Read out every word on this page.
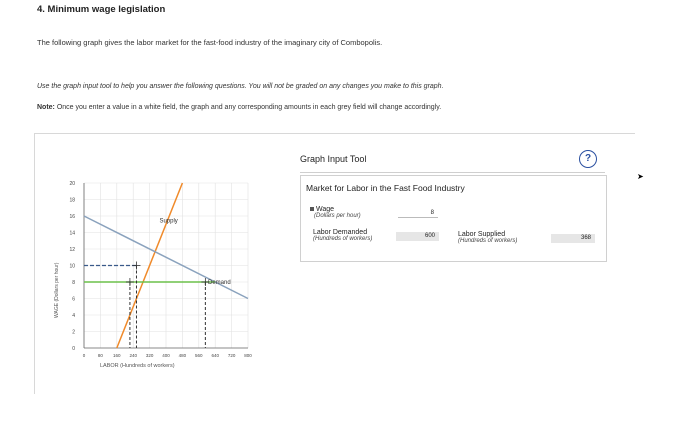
4. Minimum wage legislation
The following graph gives the labor market for the fast-food industry of the imaginary city of Combopolis.
Use the graph input tool to help you answer the following questions. You will not be graded on any changes you make to this graph.
Note: Once you enter a value in a white field, the graph and any corresponding amounts in each grey field will change accordingly.
0
2
4
6
8
10
12
14
16
18
20
0	80 160 240 320 400 480 560 640 720 800
LABOR (Hundreds of workers)
WAGE (Dollars per hour)
Supply
Demand
Graph Input Tool	?
Market for Labor in the Fast Food Industry
Wage
(Dollars per hour)	8
Labor Demanded
(Hundreds of workers)	600	Labor Supplied
(Hundreds of workers)	368
➤
